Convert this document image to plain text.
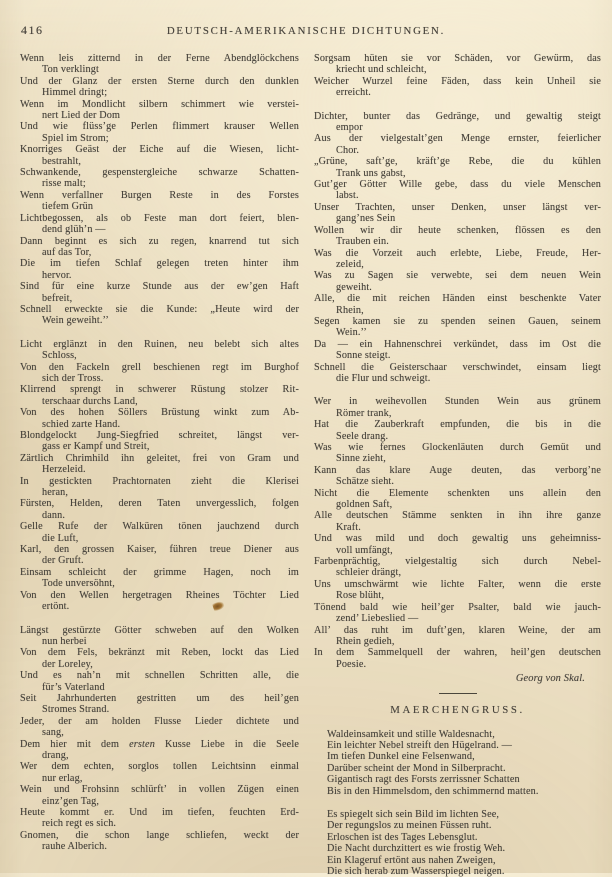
416	DEUTSCH-AMERIKANISCHE DICHTUNGEN.
Wenn leis zitternd in der Ferne Abendglöckchens
Ton verklingt
Und der Glanz der ersten Sterne durch den dunklen
Himmel dringt;
Wenn im Mondlicht silbern schimmert wie verstei-
nert Lied der Dom
Und wie flüss’ge Perlen flimmert krauser Wellen
Spiel im Strom;
Knorriges Geäst der Eiche auf die Wiesen, licht-
bestrahlt,
Schwankende, gespenstergleiche schwarze Schatten-
risse malt;
Wenn verfallner Burgen Reste in des Forstes
tiefem Grün
Lichtbegossen, als ob Feste man dort feiert, blen-
dend glüh’n —
Dann beginnt es sich zu regen, knarrend tut sich
auf das Tor,
Die im tiefen Schlaf gelegen treten hinter ihm
hervor.
Sind für eine kurze Stunde aus der ew’gen Haft
befreit,
Schnell erweckte sie die Kunde: „Heute wird der
Wein geweiht.’’
Licht erglänzt in den Ruinen, neu belebt sich altes
Schloss,
Von den Fackeln grell beschienen regt im Burghof
sich der Tross.
Klirrend sprengt in schwerer Rüstung stolzer Rit-
terschaar durchs Land,
Von des hohen Söllers Brüstung winkt zum Ab-
schied zarte Hand.
Blondgelockt Jung-Siegfried schreitet, längst ver-
gass er Kampf und Streit,
Zärtlich Chrimhild ihn geleitet, frei von Gram und
Herzeleid.
In gestickten Prachtornaten zieht die Klerisei
heran,
Fürsten, Helden, deren Taten unvergesslich, folgen
dann.
Gelle Rufe der Walküren tönen jauchzend durch
die Luft,
Karl, den grossen Kaiser, führen treue Diener aus
der Gruft.
Einsam schleicht der grimme Hagen, noch im
Tode unversöhnt,
Von den Wellen hergetragen Rheines Töchter Lied
ertönt.
Längst gestürzte Götter schweben auf den Wolken
nun herbei
Von dem Fels, bekränzt mit Reben, lockt das Lied
der Loreley,
Und es nah’n mit schnellen Schritten alle, die
für’s Vaterland
Seit Jahrhunderten gestritten um des heil’gen
Stromes Strand.
Jeder, der am holden Flusse Lieder dichtete und
sang,
Dem hier mit dem ersten Kusse Liebe in die Seele
drang,
Wer dem echten, sorglos tollen Leichtsinn einmal
nur erlag,
Wein und Frohsinn schlürft’ in vollen Zügen einen
einz’gen Tag,
Heute kommt er. Und im tiefen, feuchten Erd-
reich regt es sich.
Gnomen, die schon lange schliefen, weckt der
rauhe Alberich.
Sorgsam hüten sie vor Schäden, vor Gewürm, das
kriecht und schleicht,
Weicher Wurzel feine Fäden, dass kein Unheil sie
erreicht.
Dichter, bunter das Gedränge, und gewaltig steigt
empor
Aus der vielgestalt’gen Menge ernster, feierlicher
Chor.
„Grüne, saft’ge, kräft’ge Rebe, die du kühlen
Trank uns gabst,
Gut’ger Götter Wille gebe, dass du viele Menschen
labst.
Unser Trachten, unser Denken, unser längst ver-
gang’nes Sein
Wollen wir dir heute schenken, flössen es den
Trauben ein.
Was die Vorzeit auch erlebte, Liebe, Freude, Her-
zeleid,
Was zu Sagen sie verwebte, sei dem neuen Wein
geweiht.
Alle, die mit reichen Händen einst beschenkte Vater
Rhein,
Segen kamen sie zu spenden seinen Gauen, seinem
Wein.’’
Da — ein Hahnenschrei verkündet, dass im Ost die
Sonne steigt.
Schnell die Geisterschaar verschwindet, einsam liegt
die Flur und schweigt.
Wer in weihevollen Stunden Wein aus grünem
Römer trank,
Hat die Zauberkraft empfunden, die bis in die
Seele drang.
Was wie fernes Glockenläuten durch Gemüt und
Sinne zieht,
Kann das klare Auge deuten, das verborg’ne
Schätze sieht.
Nicht die Elemente schenkten uns allein den
goldnen Saft,
Alle deutschen Stämme senkten in ihn ihre ganze
Kraft.
Und was mild und doch gewaltig uns geheimniss-
voll umfängt,
Farbenprächtig, vielgestaltig sich durch Nebel-
schleier drängt,
Uns umschwärmt wie lichte Falter, wenn die erste
Rose blüht,
Tönend bald wie heil’ger Psalter, bald wie jauch-
zend’ Liebeslied —
All’ das ruht im duft’gen, klaren Weine, der am
Rhein gedieh,
In dem Sammelquell der wahren, heil’gen deutschen
Poesie.
Georg von Skal.
MAERCHENGRUSS.
Waldeinsamkeit und stille Waldesnacht,
Ein leichter Nebel streift den Hügelrand. —
Im tiefen Dunkel eine Felsenwand,
Darüber scheint der Mond in Silberpracht.
Gigantisch ragt des Forsts zerrissner Schatten
Bis in den Himmelsdom, den schimmernd matten.
Es spiegelt sich sein Bild im lichten See,
Der regungslos zu meinen Füssen ruht.
Erloschen ist des Tages Lebensglut.
Die Nacht durchzittert es wie frostig Weh.
Ein Klageruf ertönt aus nahen Zweigen,
Die sich herab zum Wasserspiegel neigen.
